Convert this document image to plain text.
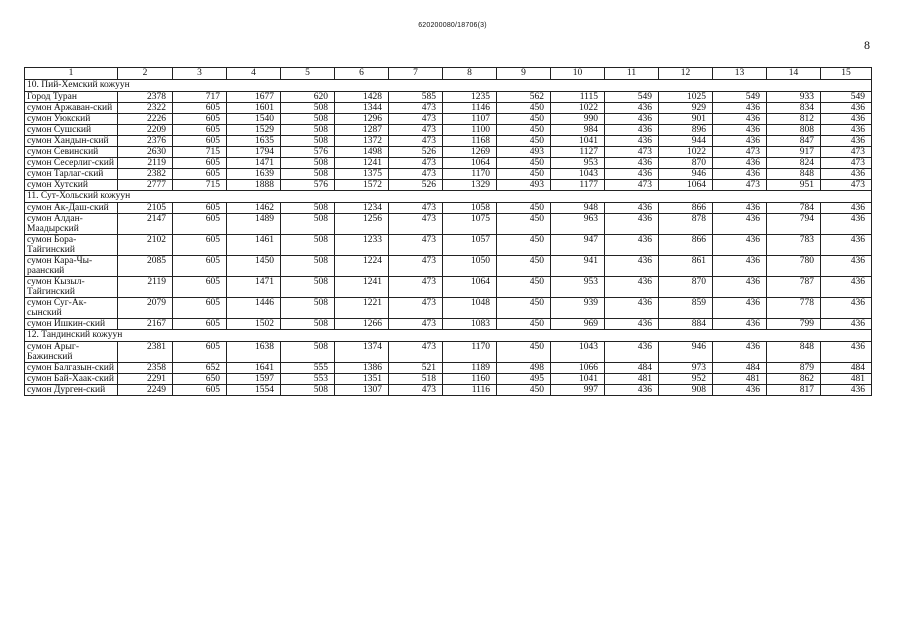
620200080/18706(3)
8
1	2	3	4	5	6	7	8	9	10	11	12	13	14	15
10. Пий-Хемский кожуун														
Город Туран	2378	717	1677	620	1428	585	1235	562	1115	549	1025	549	933	549
сумон Аржаван-ский	2322	605	1601	508	1344	473	1146	450	1022	436	929	436	834	436
сумон Уюкский	2226	605	1540	508	1296	473	1107	450	990	436	901	436	812	436
сумон Сушский	2209	605	1529	508	1287	473	1100	450	984	436	896	436	808	436
сумон Хандын-ский	2376	605	1635	508	1372	473	1168	450	1041	436	944	436	847	436
сумон Севинский	2630	715	1794	576	1498	526	1269	493	1127	473	1022	473	917	473
сумон Сесерлиг-ский	2119	605	1471	508	1241	473	1064	450	953	436	870	436	824	473
сумон Тарлаг-ский	2382	605	1639	508	1375	473	1170	450	1043	436	946	436	848	436
сумон Хутский	2777	715	1888	576	1572	526	1329	493	1177	473	1064	473	951	473
11. Сут-Хольский кожуун														
сумон Ак-Даш-ский	2105	605	1462	508	1234	473	1058	450	948	436	866	436	784	436
сумон Алдан-Маадырский	2147	605	1489	508	1256	473	1075	450	963	436	878	436	794	436
сумон Бора-Тайгинский	2102	605	1461	508	1233	473	1057	450	947	436	866	436	783	436
сумон Кара-Чы-раанский	2085	605	1450	508	1224	473	1050	450	941	436	861	436	780	436
сумон Кызыл-Тайгинский	2119	605	1471	508	1241	473	1064	450	953	436	870	436	787	436
сумон Суг-Ак-сынский	2079	605	1446	508	1221	473	1048	450	939	436	859	436	778	436
сумон Ишкин-ский	2167	605	1502	508	1266	473	1083	450	969	436	884	436	799	436
12. Тандинский кожуун														
сумон Арыг-Бажинский	2381	605	1638	508	1374	473	1170	450	1043	436	946	436	848	436
сумон Балгазын-ский	2358	652	1641	555	1386	521	1189	498	1066	484	973	484	879	484
сумон Бай-Хаак-ский	2291	650	1597	553	1351	518	1160	495	1041	481	952	481	862	481
сумон Дурген-ский	2249	605	1554	508	1307	473	1116	450	997	436	908	436	817	436
